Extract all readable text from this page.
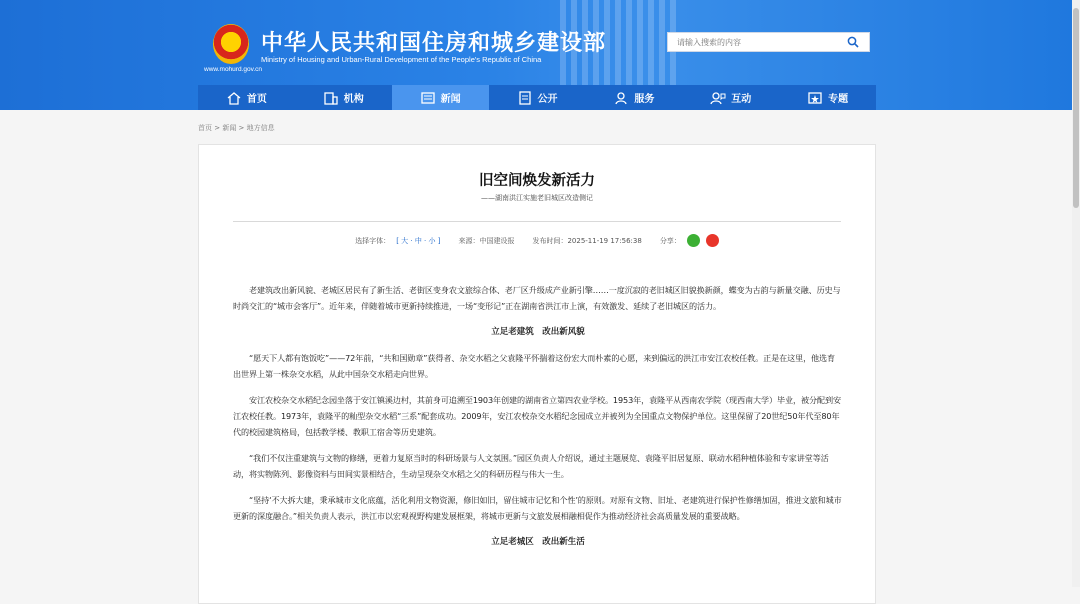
中华人民共和国住房和城乡建设部
Ministry of Housing and Urban-Rural Development of the People's Republic of China
www.mohurd.gov.cn
请输入搜索的内容
首页	机构	新闻	公开	服务	互动	专题
首页 > 新闻 > 地方信息
旧空间焕发新活力
——湖南洪江实施老旧城区改造侧记
选择字体： [ 大 · 中 · 小 ]	来源：中国建设报	发布时间：2025-11-19 17:56:38	分享：

老建筑改出新风貌、老城区居民有了新生活、老街区变身农文旅综合体、老厂区升级成产业新引擎……一度沉寂的老旧城区旧貌换新颜，蝶变为古韵与新量交融、历史与时尚交汇的“城市会客厅”。近年来，伴随着城市更新持续推进，一场“变形记”正在湖南省洪江市上演，有效激发、延续了老旧城区的活力。

立足老建筑　改出新风貌

“愿天下人都有饱饭吃”——72年前，“共和国勋章”获得者、杂交水稻之父袁隆平怀揣着这份宏大而朴素的心愿，来到偏远的洪江市安江农校任教。正是在这里，他选育出世界上第一株杂交水稻，从此中国杂交水稻走向世界。

安江农校杂交水稻纪念园坐落于安江镇溪边村，其前身可追溯至1903年创建的湖南省立第四农业学校。1953年，袁隆平从西南农学院（现西南大学）毕业，被分配到安江农校任教。1973年，袁隆平的籼型杂交水稻“三系”配套成功。2009年，安江农校杂交水稻纪念园成立并被列为全国重点文物保护单位。这里保留了20世纪50年代至80年代的校园建筑格局，包括教学楼、教职工宿舍等历史建筑。

“我们不仅注重建筑与文物的修缮，更着力复原当时的科研场景与人文氛围。”园区负责人介绍说，通过主题展览、袁隆平旧居复原、联动水稻种植体验和专家讲堂等活动，将实物陈列、影像资料与田间实景相结合，生动呈现杂交水稻之父的科研历程与伟大一生。

“坚持‘不大拆大建，秉承城市文化底蕴，活化利用文物资源，修旧如旧，留住城市记忆和个性’的原则。对原有文物、旧址、老建筑进行保护性修缮加固，推进文旅和城市更新的深度融合。”相关负责人表示，洪江市以宏观视野构建发展框架，将城市更新与文旅发展相融相促作为推动经济社会高质量发展的重要战略。

立足老城区　改出新生活
